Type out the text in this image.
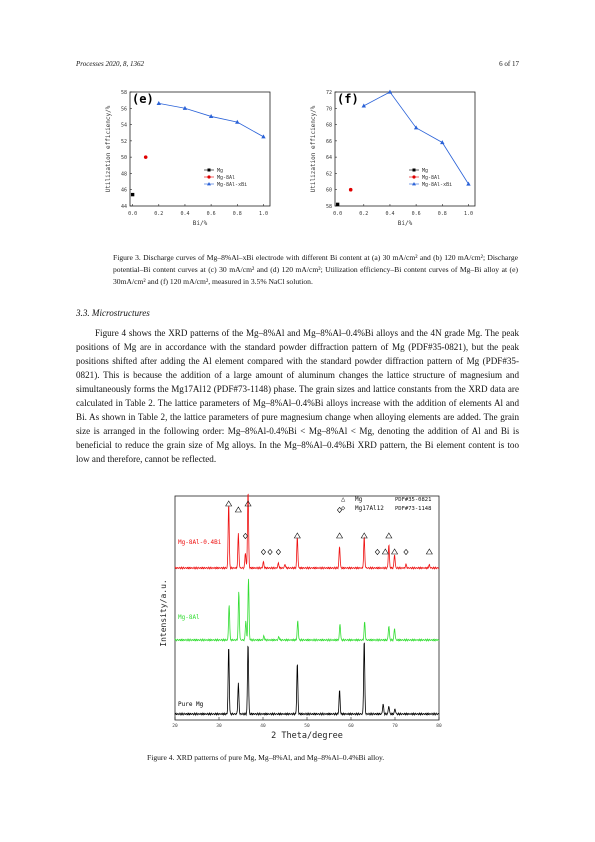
Processes 2020, 8, 1362	6 of 17
(e)
0.0	0.2	0.4	0.6	0.8	1.0
44
46
48
50
52
54
56
58
Bi/%
Utilization efficiency/%	Mg
Mg-8Al
Mg-8Al-xBi
(f)
0.0	0.2	0.4	0.6	0.8	1.0
58
60
62
64
66
68
70
72
Bi/%
Utilization efficiency/%	Mg
Mg-8Al
Mg-8Al-xBi
Figure 3. Discharge curves of Mg–8%Al–xBi electrode with different Bi content at (a) 30 mA/cm² and (b) 120 mA/cm²; Discharge potential–Bi content curves at (c) 30 mA/cm² and (d) 120 mA/cm²; Utilization efficiency–Bi content curves of Mg–Bi alloy at (e) 30mA/cm² and (f) 120 mA/cm², measured in 3.5% NaCl solution.
3.3. Microstructures
Figure 4 shows the XRD patterns of the Mg–8%Al and Mg–8%Al–0.4%Bi alloys and the 4N grade Mg. The peak positions of Mg are in accordance with the standard powder diffraction pattern of Mg (PDF#35-0821), but the peak positions shifted after adding the Al element compared with the standard powder diffraction pattern of Mg (PDF#35-0821). This is because the addition of a large amount of aluminum changes the lattice structure of magnesium and simultaneously forms the Mg17Al12 (PDF#73-1148) phase. The grain sizes and lattice constants from the XRD data are calculated in Table 2. The lattice parameters of Mg–8%Al–0.4%Bi alloys increase with the addition of elements Al and Bi. As shown in Table 2, the lattice parameters of pure magnesium change when alloying elements are added. The grain size is arranged in the following order: Mg–8%Al-0.4%Bi < Mg–8%Al < Mg, denoting the addition of Al and Bi is beneficial to reduce the grain size of Mg alloys. In the Mg–8%Al–0.4%Bi XRD pattern, the Bi element content is too low and therefore, cannot be reflected.
20	30	40	50	60	70	80
2 Theta/degree
Intensity/a.u.
Pure Mg
Mg-8Al
Mg-8Al-0.4Bi
△ Mg	PDF#35-0821
◇ Mg17Al12 PDF#73-1148
Figure 4. XRD patterns of pure Mg, Mg–8%Al, and Mg–8%Al–0.4%Bi alloy.
